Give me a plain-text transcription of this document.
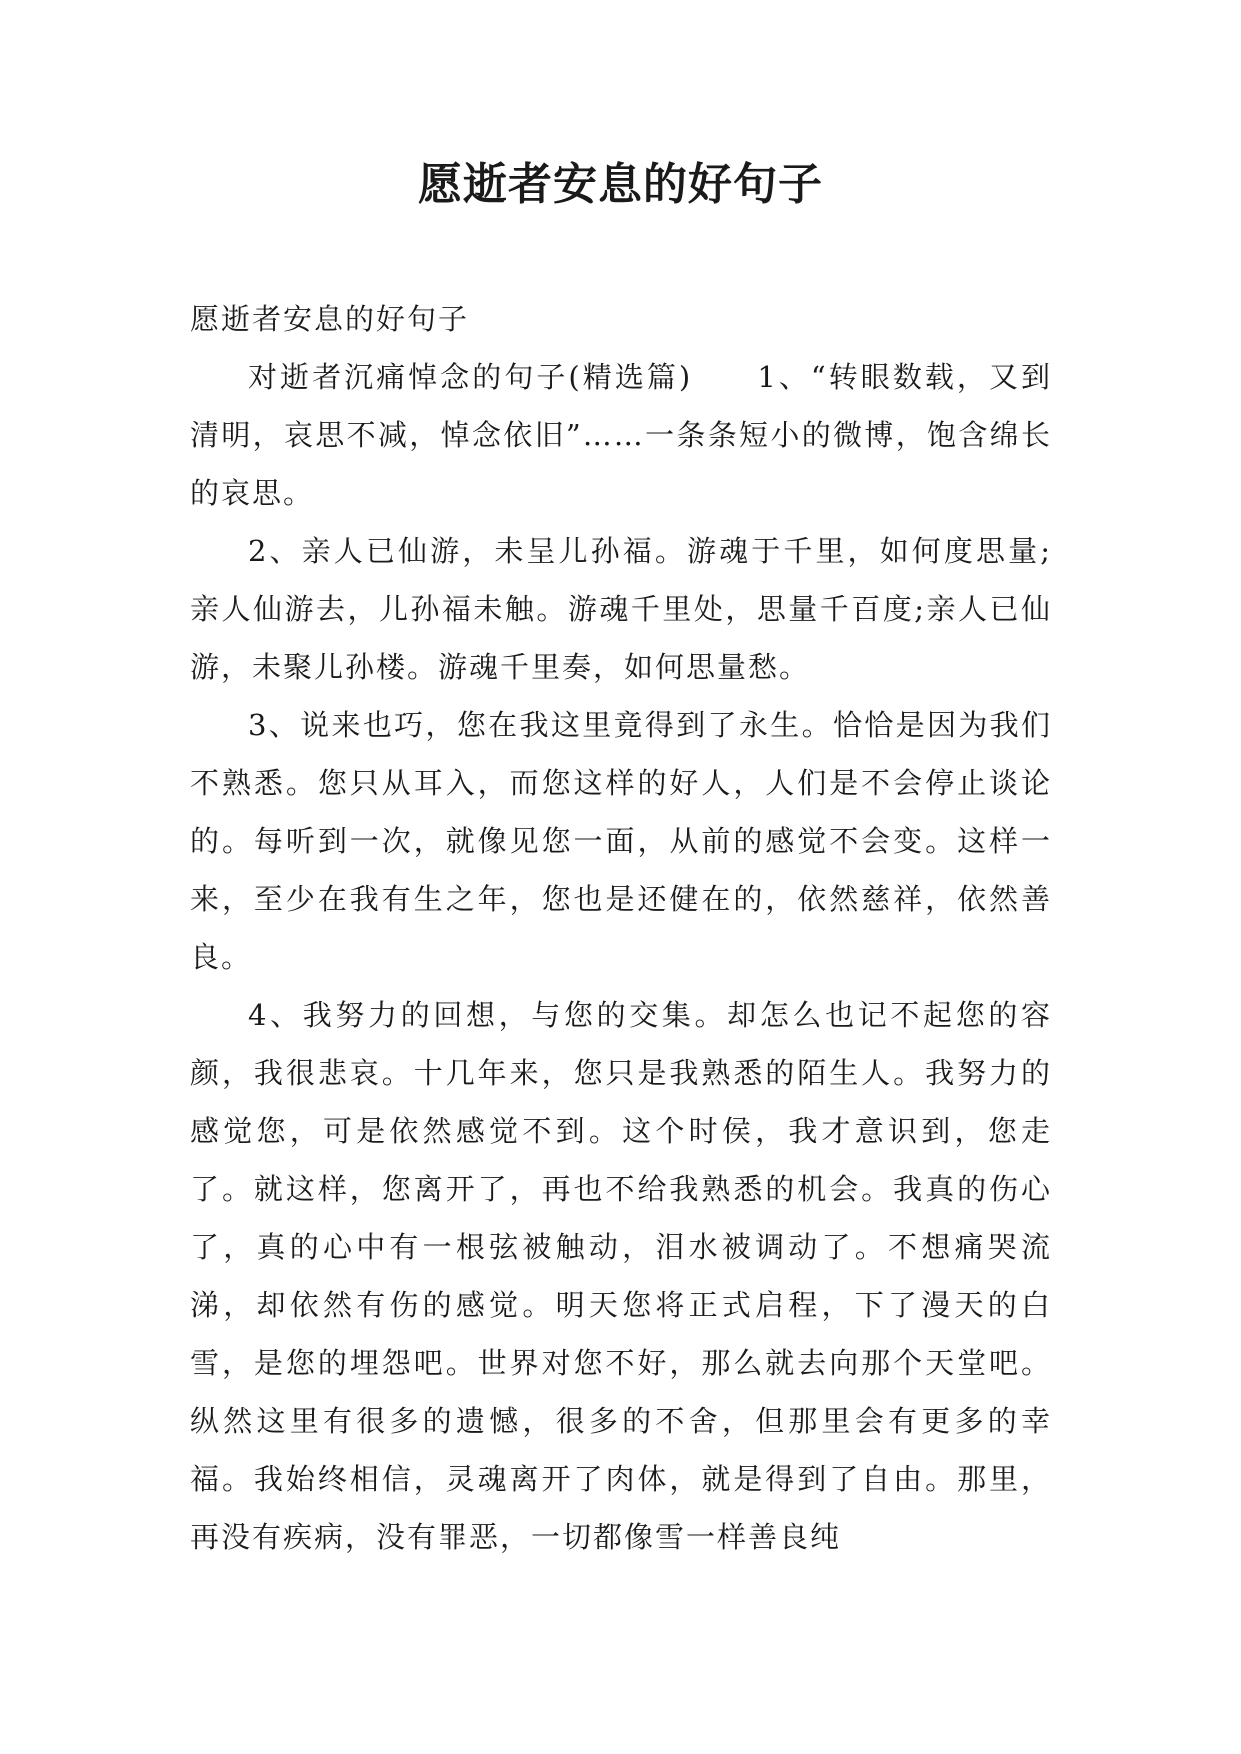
愿逝者安息的好句子

愿逝者安息的好句子

对逝者沉痛悼念的句子(精选篇)　　1、“转眼数载，又到清明，哀思不减，悼念依旧”……一条条短小的微博，饱含绵长的哀思。

2、亲人已仙游，未呈儿孙福。游魂于千里，如何度思量;亲人仙游去，儿孙福未触。游魂千里处，思量千百度;亲人已仙游，未聚儿孙楼。游魂千里奏，如何思量愁。

3、说来也巧，您在我这里竟得到了永生。恰恰是因为我们不熟悉。您只从耳入，而您这样的好人，人们是不会停止谈论的。每听到一次，就像见您一面，从前的感觉不会变。这样一来，至少在我有生之年，您也是还健在的，依然慈祥，依然善良。

4、我努力的回想，与您的交集。却怎么也记不起您的容颜，我很悲哀。十几年来，您只是我熟悉的陌生人。我努力的感觉您，可是依然感觉不到。这个时侯，我才意识到，您走了。就这样，您离开了，再也不给我熟悉的机会。我真的伤心了，真的心中有一根弦被触动，泪水被调动了。不想痛哭流涕，却依然有伤的感觉。明天您将正式启程，下了漫天的白雪，是您的埋怨吧。世界对您不好，那么就去向那个天堂吧。纵然这里有很多的遗憾，很多的不舍，但那里会有更多的幸福。我始终相信，灵魂离开了肉体，就是得到了自由。那里，再没有疾病，没有罪恶，一切都像雪一样善良纯
